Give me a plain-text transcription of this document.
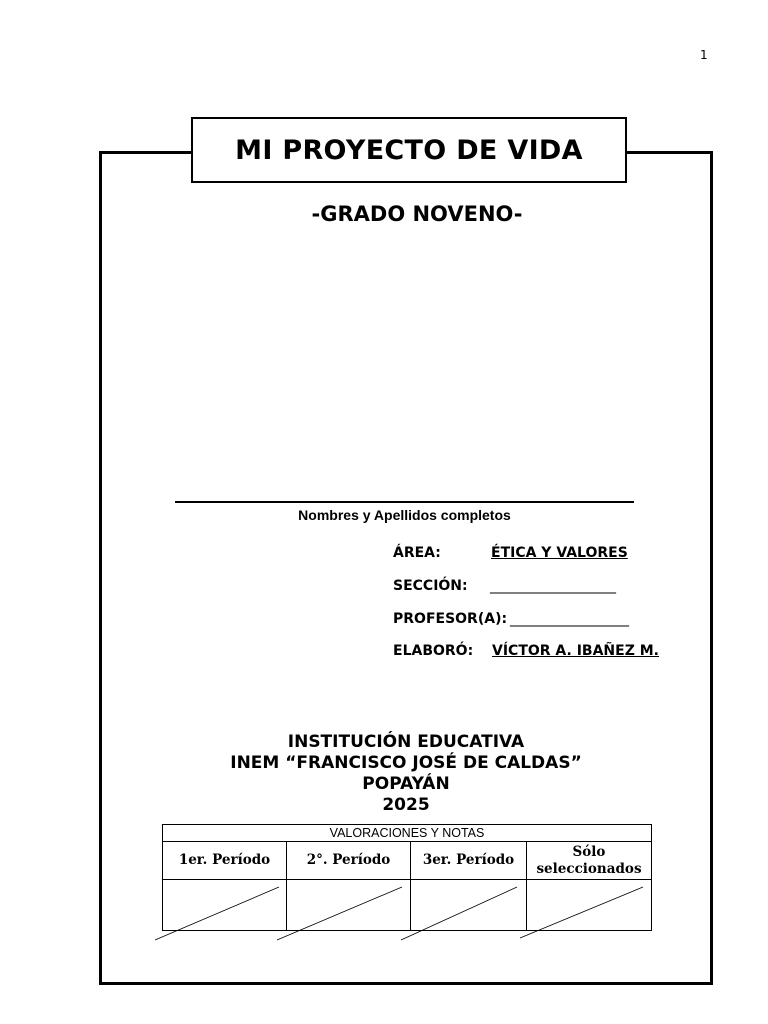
1
MI PROYECTO DE VIDA
-GRADO NOVENO-
Nombres y Apellidos completos
ÁREA:	ÉTICA Y VALORES
SECCIÓN: __________________
PROFESOR(A): _________________
ELABORÓ: VÍCTOR A. IBAÑEZ M.
INSTITUCIÓN EDUCATIVA
INEM “FRANCISCO JOSÉ DE CALDAS”
POPAYÁN
2025
VALORACIONES Y NOTAS			
1er. Período	2°. Período	3er. Período	Sólo seleccionados
